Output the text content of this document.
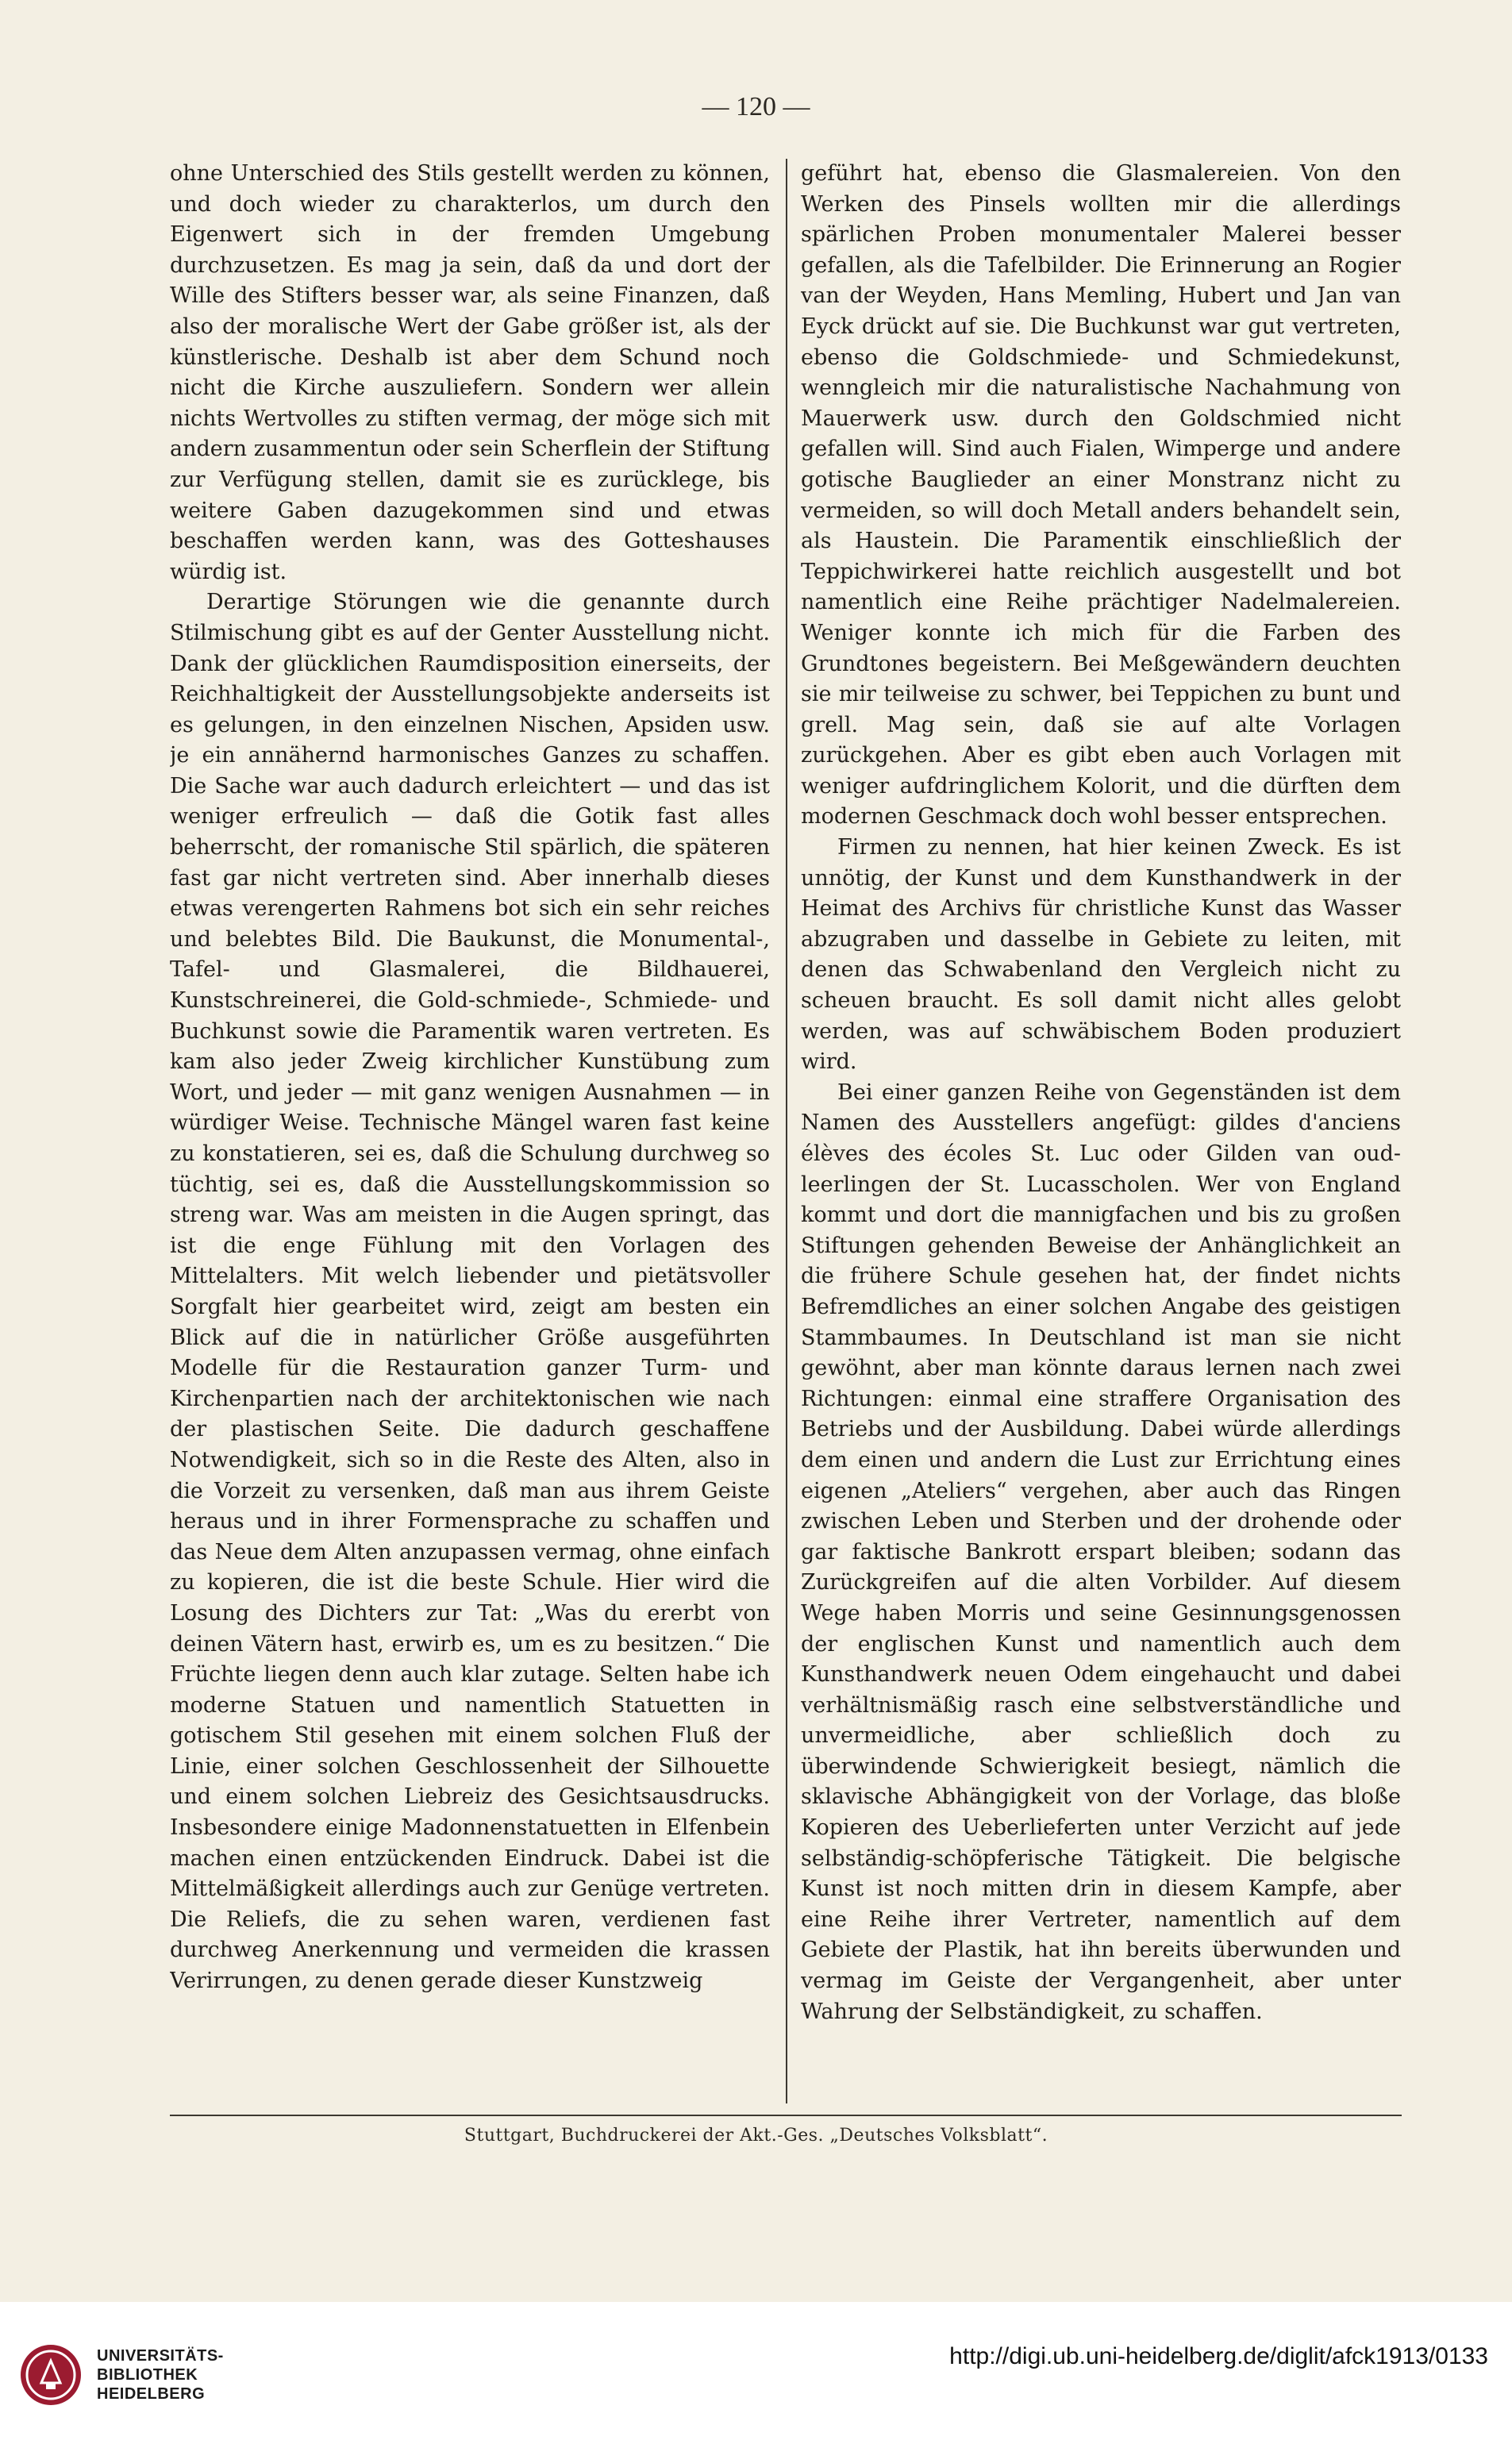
— 120 —

ohne Unterschied des Stils gestellt werden zu können, und doch wieder zu charakterlos, um durch den Eigenwert sich in der fremden Umgebung durchzusetzen. Es mag ja sein, daß da und dort der Wille des Stifters besser war, als seine Finanzen, daß also der moralische Wert der Gabe größer ist, als der künstlerische. Deshalb ist aber dem Schund noch nicht die Kirche auszuliefern. Sondern wer allein nichts Wertvolles zu stiften vermag, der möge sich mit andern zusammentun oder sein Scherflein der Stiftung zur Verfügung stellen, damit sie es zurücklege, bis weitere Gaben dazugekommen sind und etwas beschaffen werden kann, was des Gotteshauses würdig ist.

Derartige Störungen wie die genannte durch Stilmischung gibt es auf der Genter Ausstellung nicht. Dank der glücklichen Raumdisposition einerseits, der Reichhaltigkeit der Ausstellungsobjekte anderseits ist es gelungen, in den einzelnen Nischen, Apsiden usw. je ein annähernd harmonisches Ganzes zu schaffen. Die Sache war auch dadurch erleichtert — und das ist weniger erfreulich — daß die Gotik fast alles beherrscht, der romanische Stil spärlich, die späteren fast gar nicht vertreten sind. Aber innerhalb dieses etwas verengerten Rahmens bot sich ein sehr reiches und belebtes Bild. Die Baukunst, die Monumental-, Tafel- und Glasmalerei, die Bildhauerei, Kunstschreinerei, die Gold-schmiede-, Schmiede- und Buchkunst sowie die Paramentik waren vertreten. Es kam also jeder Zweig kirchlicher Kunstübung zum Wort, und jeder — mit ganz wenigen Ausnahmen — in würdiger Weise. Technische Mängel waren fast keine zu konstatieren, sei es, daß die Schulung durchweg so tüchtig, sei es, daß die Ausstellungskommission so streng war. Was am meisten in die Augen springt, das ist die enge Fühlung mit den Vorlagen des Mittelalters. Mit welch liebender und pietätsvoller Sorgfalt hier gearbeitet wird, zeigt am besten ein Blick auf die in natürlicher Größe ausgeführten Modelle für die Restauration ganzer Turm- und Kirchenpartien nach der architektonischen wie nach der plastischen Seite. Die dadurch geschaffene Notwendigkeit, sich so in die Reste des Alten, also in die Vorzeit zu versenken, daß man aus ihrem Geiste heraus und in ihrer Formensprache zu schaffen und das Neue dem Alten anzupassen vermag, ohne einfach zu kopieren, die ist die beste Schule. Hier wird die Losung des Dichters zur Tat: „Was du ererbt von deinen Vätern hast, erwirb es, um es zu besitzen.“ Die Früchte liegen denn auch klar zutage. Selten habe ich moderne Statuen und namentlich Statuetten in gotischem Stil gesehen mit einem solchen Fluß der Linie, einer solchen Geschlossenheit der Silhouette und einem solchen Liebreiz des Gesichtsausdrucks. Insbesondere einige Madonnenstatuetten in Elfenbein machen einen entzückenden Eindruck. Dabei ist die Mittelmäßigkeit allerdings auch zur Genüge vertreten. Die Reliefs, die zu sehen waren, verdienen fast durchweg Anerkennung und vermeiden die krassen Verirrungen, zu denen gerade dieser Kunstzweig

geführt hat, ebenso die Glasmalereien. Von den Werken des Pinsels wollten mir die allerdings spärlichen Proben monumentaler Malerei besser gefallen, als die Tafelbilder. Die Erinnerung an Rogier van der Weyden, Hans Memling, Hubert und Jan van Eyck drückt auf sie. Die Buchkunst war gut vertreten, ebenso die Goldschmiede- und Schmiedekunst, wenngleich mir die naturalistische Nachahmung von Mauerwerk usw. durch den Goldschmied nicht gefallen will. Sind auch Fialen, Wimperge und andere gotische Bauglieder an einer Monstranz nicht zu vermeiden, so will doch Metall anders behandelt sein, als Haustein. Die Paramentik einschließlich der Teppichwirkerei hatte reichlich ausgestellt und bot namentlich eine Reihe prächtiger Nadelmalereien. Weniger konnte ich mich für die Farben des Grundtones begeistern. Bei Meßgewändern deuchten sie mir teilweise zu schwer, bei Teppichen zu bunt und grell. Mag sein, daß sie auf alte Vorlagen zurückgehen. Aber es gibt eben auch Vorlagen mit weniger aufdringlichem Kolorit, und die dürften dem modernen Geschmack doch wohl besser entsprechen.

Firmen zu nennen, hat hier keinen Zweck. Es ist unnötig, der Kunst und dem Kunsthandwerk in der Heimat des Archivs für christliche Kunst das Wasser abzugraben und dasselbe in Gebiete zu leiten, mit denen das Schwabenland den Vergleich nicht zu scheuen braucht. Es soll damit nicht alles gelobt werden, was auf schwäbischem Boden produziert wird.

Bei einer ganzen Reihe von Gegenständen ist dem Namen des Ausstellers angefügt: gildes d'anciens élèves des écoles St. Luc oder Gilden van oud-leerlingen der St. Lucasscholen. Wer von England kommt und dort die mannigfachen und bis zu großen Stiftungen gehenden Beweise der Anhänglichkeit an die frühere Schule gesehen hat, der findet nichts Befremdliches an einer solchen Angabe des geistigen Stammbaumes. In Deutschland ist man sie nicht gewöhnt, aber man könnte daraus lernen nach zwei Richtungen: einmal eine straffere Organisation des Betriebs und der Ausbildung. Dabei würde allerdings dem einen und andern die Lust zur Errichtung eines eigenen „Ateliers“ vergehen, aber auch das Ringen zwischen Leben und Sterben und der drohende oder gar faktische Bankrott erspart bleiben; sodann das Zurückgreifen auf die alten Vorbilder. Auf diesem Wege haben Morris und seine Gesinnungsgenossen der englischen Kunst und namentlich auch dem Kunsthandwerk neuen Odem eingehaucht und dabei verhältnismäßig rasch eine selbstverständliche und unvermeidliche, aber schließlich doch zu überwindende Schwierigkeit besiegt, nämlich die sklavische Abhängigkeit von der Vorlage, das bloße Kopieren des Ueberlieferten unter Verzicht auf jede selbständig-schöpferische Tätigkeit. Die belgische Kunst ist noch mitten drin in diesem Kampfe, aber eine Reihe ihrer Vertreter, namentlich auf dem Gebiete der Plastik, hat ihn bereits überwunden und vermag im Geiste der Vergangenheit, aber unter Wahrung der Selbständigkeit, zu schaffen.

Stuttgart, Buchdruckerei der Akt.-Ges. „Deutsches Volksblatt“.
UNIVERSITÄTS-
BIBLIOTHEK
HEIDELBERG
http://digi.ub.uni-heidelberg.de/diglit/afck1913/0133
